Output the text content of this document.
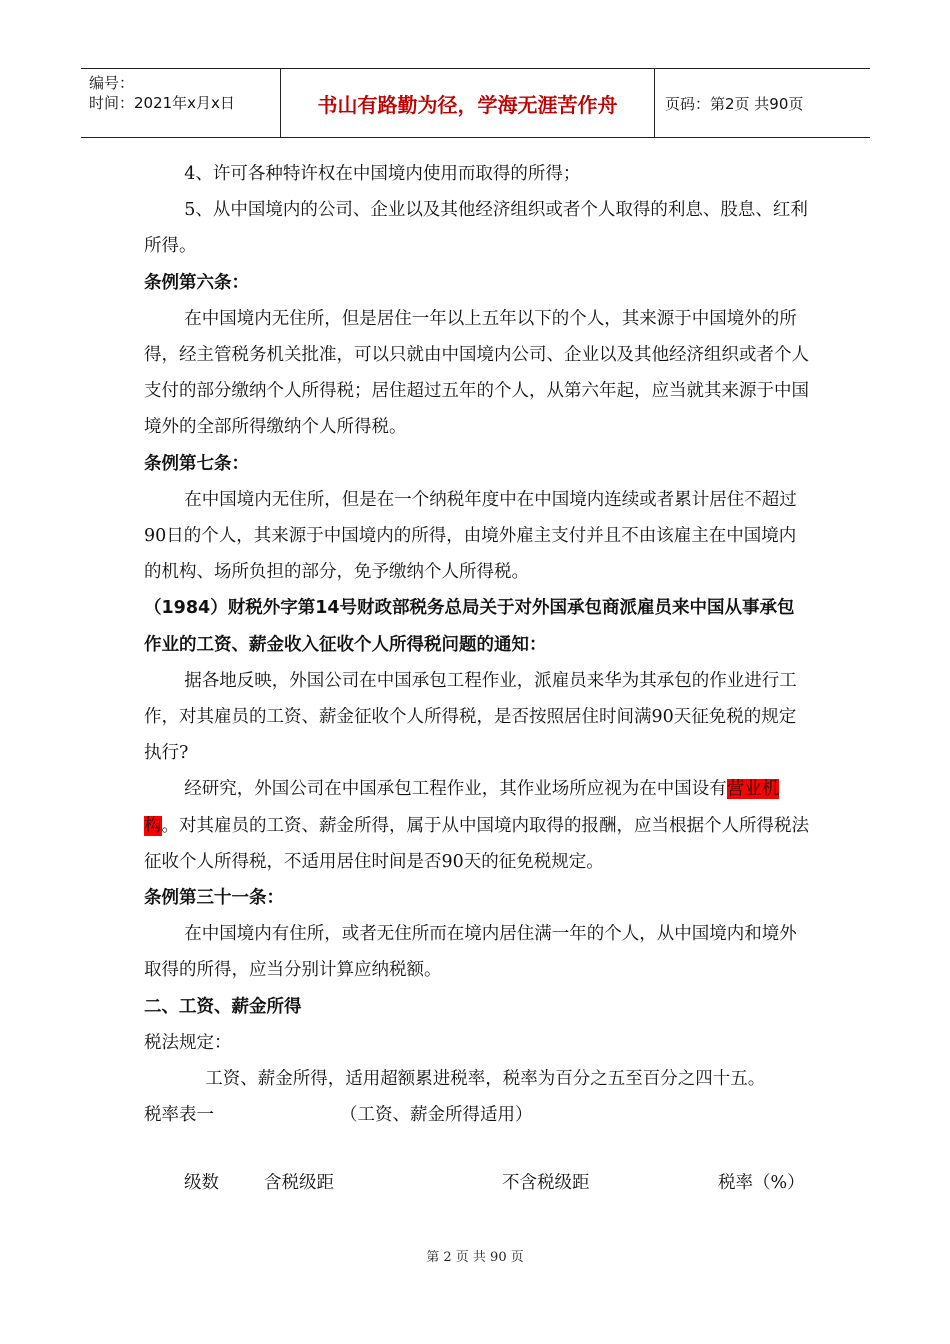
编号：
时间：2021年x月x日	书山有路勤为径，学海无涯苦作舟	页码：第2页 共90页

4、许可各种特许权在中国境内使用而取得的所得；

5、从中国境内的公司、企业以及其他经济组织或者个人取得的利息、股息、红利所得。

条例第六条：

在中国境内无住所，但是居住一年以上五年以下的个人，其来源于中国境外的所得，经主管税务机关批准，可以只就由中国境内公司、企业以及其他经济组织或者个人支付的部分缴纳个人所得税；居住超过五年的个人，从第六年起，应当就其来源于中国境外的全部所得缴纳个人所得税。

条例第七条：

在中国境内无住所，但是在一个纳税年度中在中国境内连续或者累计居住不超过90日的个人，其来源于中国境内的所得，由境外雇主支付并且不由该雇主在中国境内的机构、场所负担的部分，免予缴纳个人所得税。

（1984）财税外字第14号财政部税务总局关于对外国承包商派雇员来中国从事承包作业的工资、薪金收入征收个人所得税问题的通知：

据各地反映，外国公司在中国承包工程作业，派雇员来华为其承包的作业进行工作，对其雇员的工资、薪金征收个人所得税，是否按照居住时间满90天征免税的规定执行?

经研究，外国公司在中国承包工程作业，其作业场所应视为在中国设有营业机构。对其雇员的工资、薪金所得，属于从中国境内取得的报酬，应当根据个人所得税法征收个人所得税，不适用居住时间是否90天的征免税规定。

条例第三十一条：

在中国境内有住所，或者无住所而在境内居住满一年的个人，从中国境内和境外取得的所得，应当分别计算应纳税额。

二、工资、薪金所得

税法规定：

工资、薪金所得，适用超额累进税率，税率为百分之五至百分之四十五。

税率表一	（工资、薪金所得适用）
级数	含税级距	不含税级距	税率（%）
第 2 页 共 90 页
